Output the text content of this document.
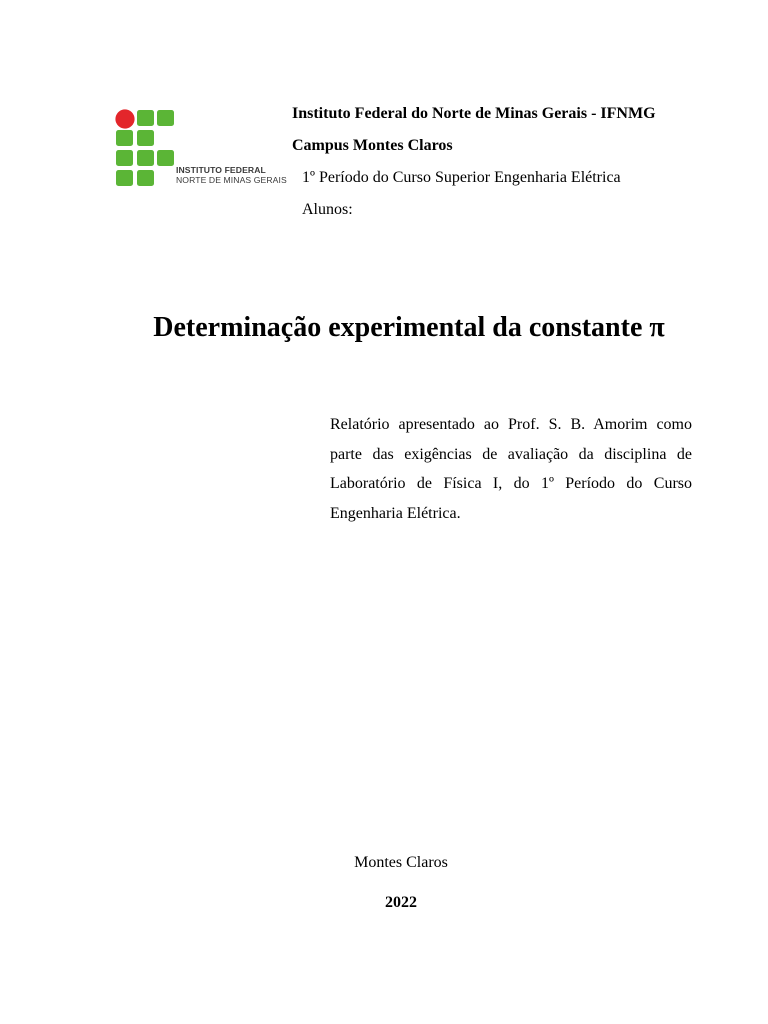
INSTITUTO FEDERAL
NORTE DE MINAS GERAIS
Instituto Federal do Norte de Minas Gerais - IFNMG
Campus Montes Claros
1º Período do Curso Superior Engenharia Elétrica
Alunos:
Determinação experimental da constante π
Relatório apresentado ao Prof. S. B. Amorim como parte das exigências de avaliação da disciplina de Laboratório de Física I, do 1º Período do Curso Engenharia Elétrica.
Montes Claros
2022
